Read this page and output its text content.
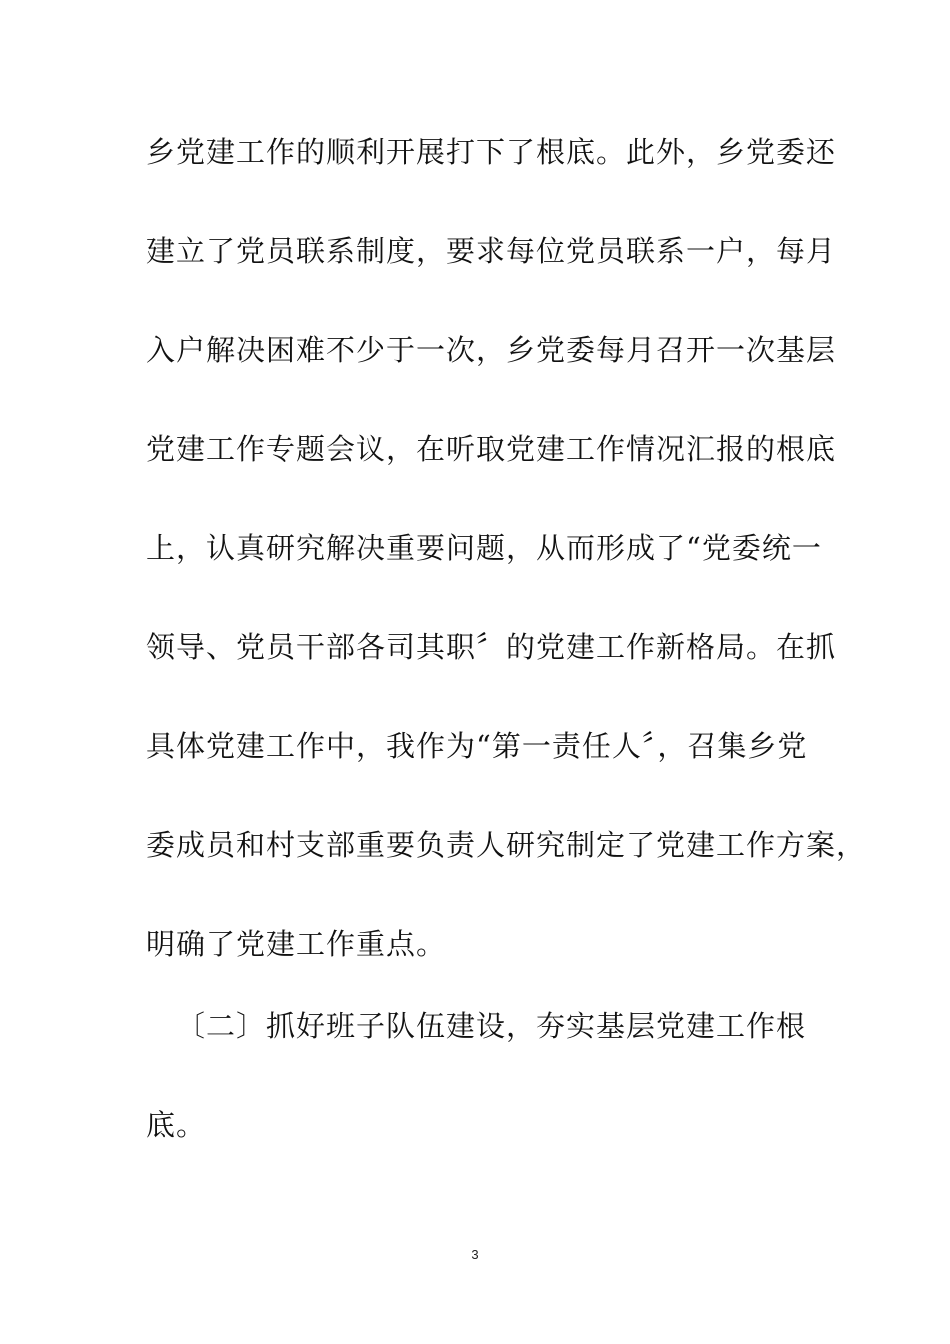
乡党建工作的顺利开展打下了根底。此外，乡党委还
建立了党员联系制度，要求每位党员联系一户，每月
入户解决困难不少于一次，乡党委每月召开一次基层
党建工作专题会议，在听取党建工作情况汇报的根底
上，认真研究解决重要问题，从而形成了“党委统一
领导、党员干部各司其职〞的党建工作新格局。在抓
具体党建工作中，我作为“第一责任人〞，召集乡党
委成员和村支部重要负责人研究制定了党建工作方案，
明确了党建工作重点。
〔二〕抓好班子队伍建设，夯实基层党建工作根
底。
3
